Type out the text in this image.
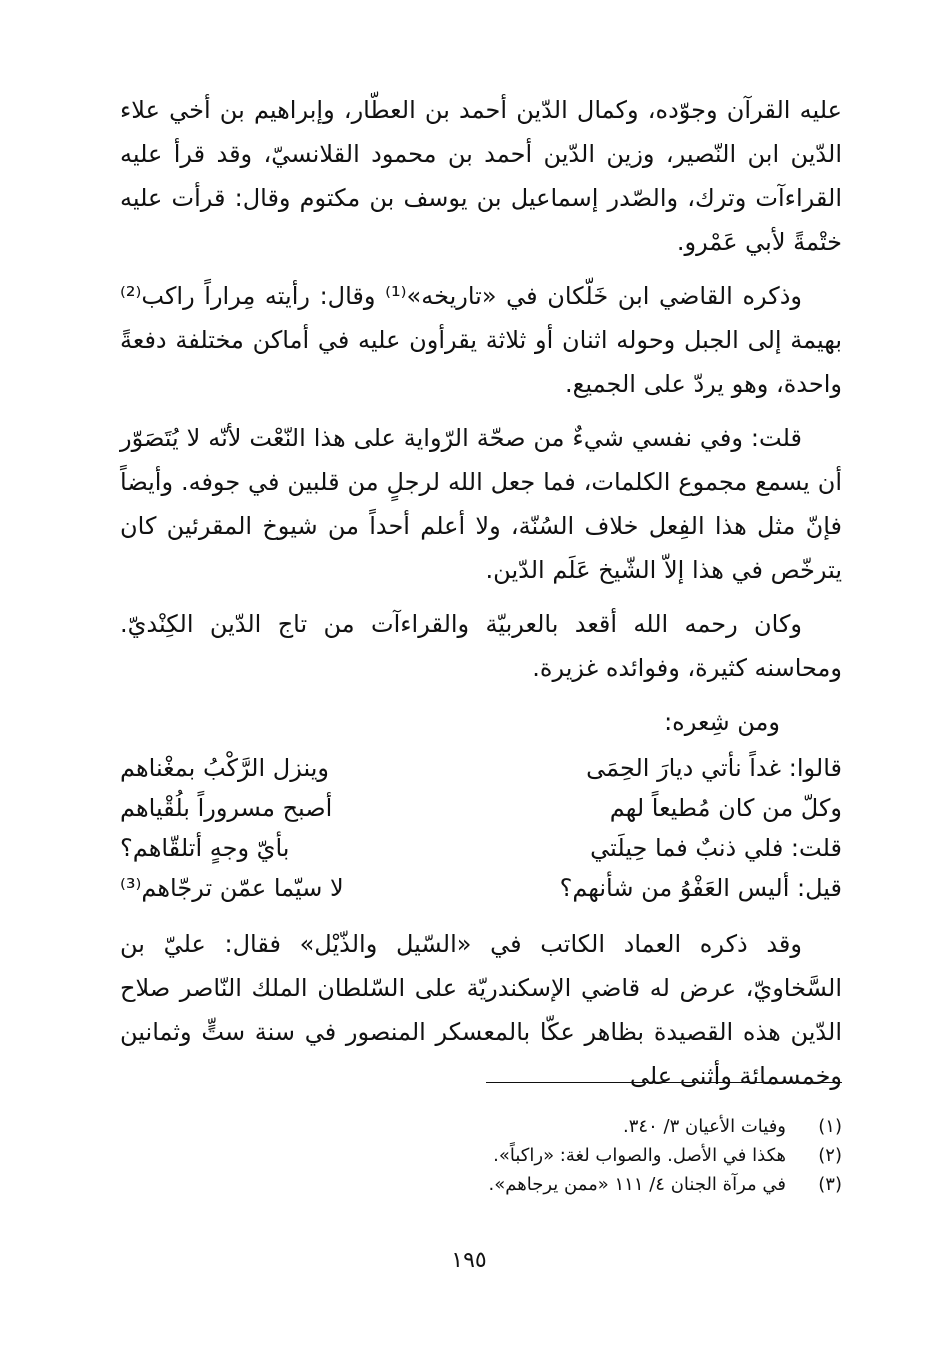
عليه القرآن وجوّده، وكمال الدّين أحمد بن العطّار، وإبراهيم بن أخي علاء الدّين ابن النّصير، وزين الدّين أحمد بن محمود القلانسيّ، وقد قرأ عليه القراءآت وترك، والصّدر إسماعيل بن يوسف بن مكتوم وقال: قرأت عليه ختْمةً لأبي عَمْرو.

وذكره القاضي ابن خَلّكان في «تاريخه»⁽¹⁾ وقال: رأيته مِراراً راكب⁽²⁾ بهيمة إلى الجبل وحوله اثنان أو ثلاثة يقرأون عليه في أماكن مختلفة دفعةً واحدة، وهو يردّ على الجميع.

قلت: وفي نفسي شيءٌ من صحّة الرّواية على هذا النّعْت لأنّه لا يُتَصَوّر أن يسمع مجموع الكلمات، فما جعل الله لرجلٍ من قلبين في جوفه. وأيضاً فإنّ مثل هذا الفِعل خلاف السُنّة، ولا أعلم أحداً من شيوخ المقرئين كان يترخّص في هذا إلاّ الشّيخ عَلَم الدّين.

وكان رحمه الله أقعد بالعربيّة والقراءآت من تاج الدّين الكِنْديّ. ومحاسنه كثيرة، وفوائده غزيرة.

ومن شِعره:

قالوا: غداً نأتي ديارَ الحِمَى
وينزل الرَّكْبُ بمغْناهم
وكلّ من كان مُطيعاً لهم
أصبح مسروراً بلُقْياهم
قلت: فلي ذنبٌ فما حِيلَتي
بأيّ وجهٍ أتلقّاهم؟
قيل: أليس العَفْوُ من شأنهم؟
لا سيّما عمّن ترجّاهم⁽³⁾

وقد ذكره العماد الكاتب في «السّيل والذّيْل» فقال: عليّ بن السَّخاويّ، عرض له قاضي الإسكندريّة على السّلطان الملك النّاصر صلاح الدّين هذه القصيدة بظاهر عكّا بالمعسكر المنصور في سنة ستٍّ وثمانين وخمسمائة وأثنى على

(١)
وفيات الأعيان ٣/ ٣٤٠.
(٢)
هكذا في الأصل. والصواب لغة: «راكباً».
(٣)
في مرآة الجنان ٤/ ١١١ «ممن يرجاهم».
١٩٥
